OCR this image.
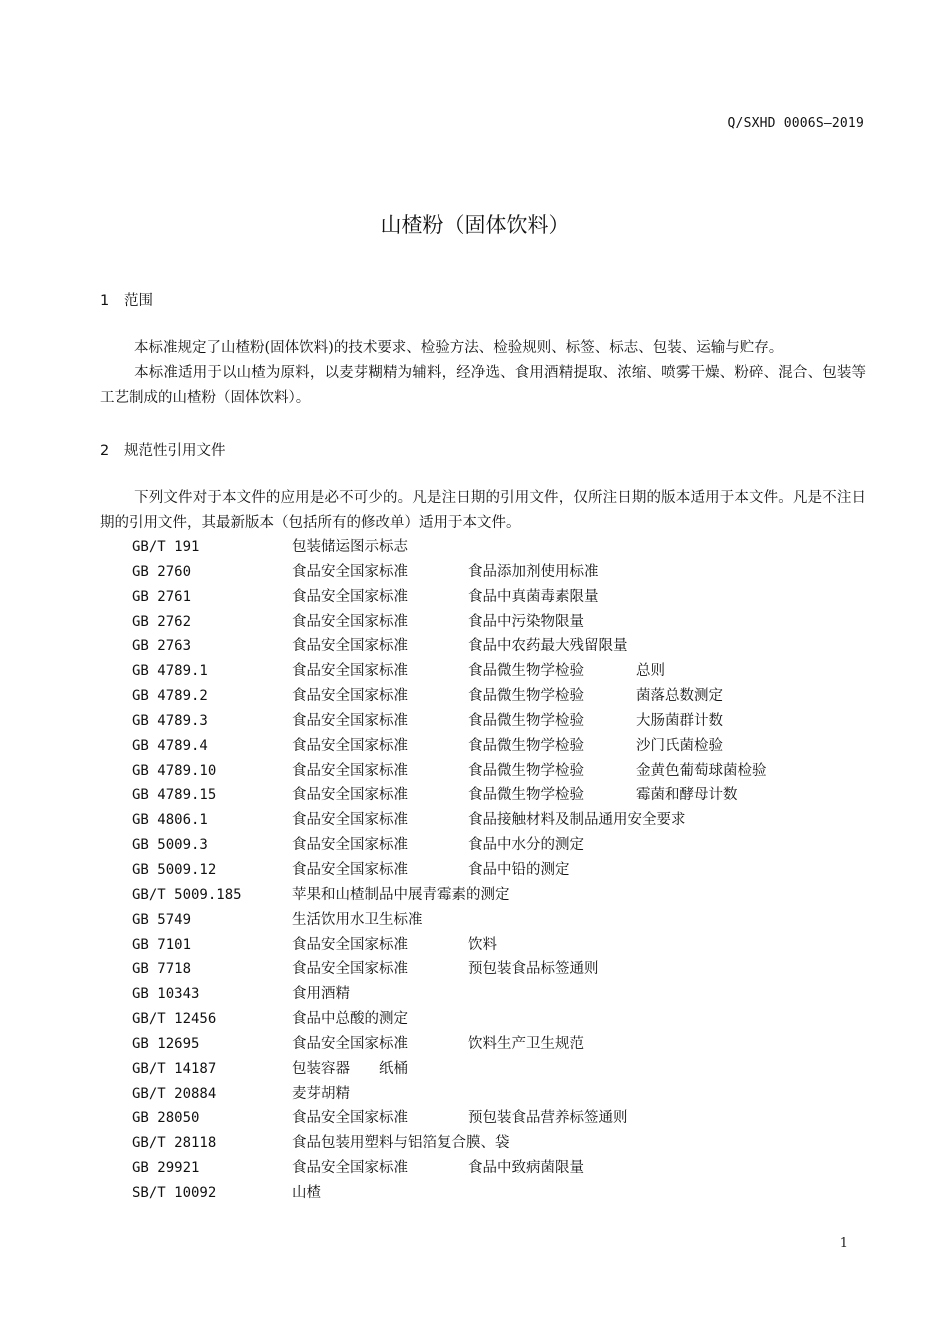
Q/SXHD 0006S—2019
山楂粉（固体饮料）
1 范围
本标准规定了山楂粉(固体饮料)的技术要求、检验方法、检验规则、标签、标志、包装、运输与贮存。
本标准适用于以山楂为原料，以麦芽糊精为辅料，经净选、食用酒精提取、浓缩、喷雾干燥、粉碎、混合、包装等工艺制成的山楂粉（固体饮料）。
2 规范性引用文件
下列文件对于本文件的应用是必不可少的。凡是注日期的引用文件，仅所注日期的版本适用于本文件。凡是不注日期的引用文件，其最新版本（包括所有的修改单）适用于本文件。
GB/T 191	包装储运图示标志
GB 2760	食品安全国家标准	食品添加剂使用标准
GB 2761	食品安全国家标准	食品中真菌毒素限量
GB 2762	食品安全国家标准	食品中污染物限量
GB 2763	食品安全国家标准	食品中农药最大残留限量
GB 4789.1	食品安全国家标准	食品微生物学检验	总则
GB 4789.2	食品安全国家标准	食品微生物学检验	菌落总数测定
GB 4789.3	食品安全国家标准	食品微生物学检验	大肠菌群计数
GB 4789.4	食品安全国家标准	食品微生物学检验	沙门氏菌检验
GB 4789.10	食品安全国家标准	食品微生物学检验	金黄色葡萄球菌检验
GB 4789.15	食品安全国家标准	食品微生物学检验	霉菌和酵母计数
GB 4806.1	食品安全国家标准	食品接触材料及制品通用安全要求
GB 5009.3	食品安全国家标准	食品中水分的测定
GB 5009.12	食品安全国家标准	食品中铅的测定
GB/T 5009.185	苹果和山楂制品中展青霉素的测定
GB 5749	生活饮用水卫生标准
GB 7101	食品安全国家标准	饮料
GB 7718	食品安全国家标准	预包装食品标签通则
GB 10343	食用酒精
GB/T 12456	食品中总酸的测定
GB 12695	食品安全国家标准	饮料生产卫生规范
GB/T 14187	包装容器　　纸桶
GB/T 20884	麦芽胡精
GB 28050	食品安全国家标准	预包装食品营养标签通则
GB/T 28118	食品包装用塑料与铝箔复合膜、袋
GB 29921	食品安全国家标准	食品中致病菌限量
SB/T 10092	山楂
1
